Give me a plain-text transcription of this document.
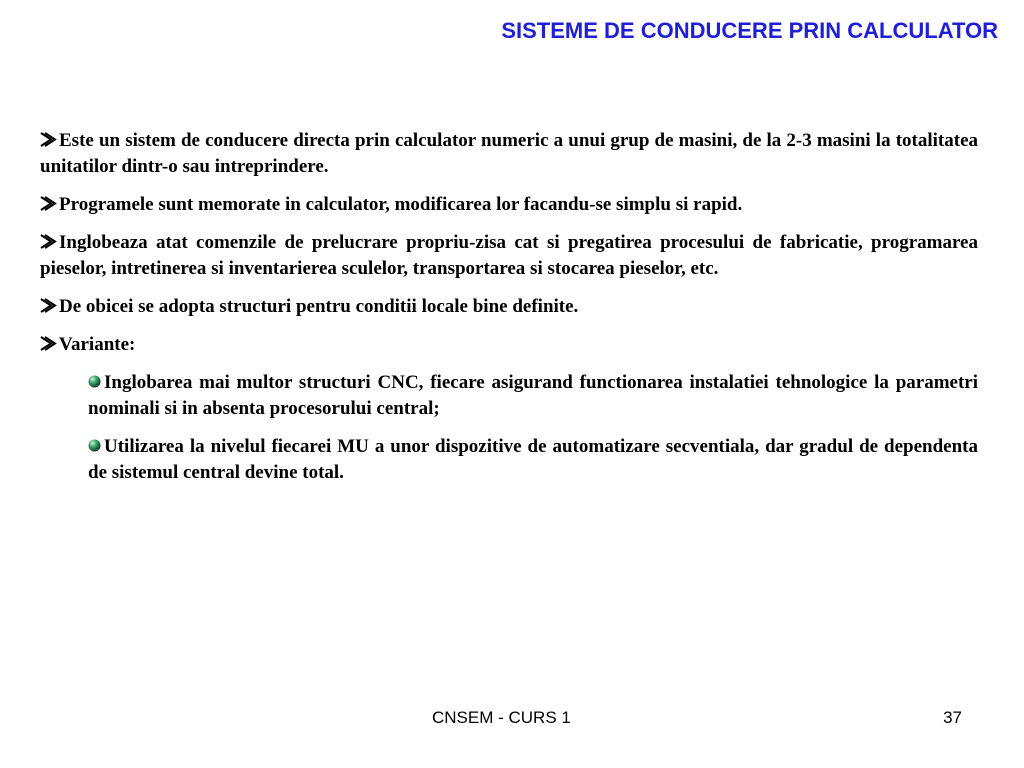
SISTEME DE CONDUCERE PRIN CALCULATOR

Este un sistem de conducere directa prin calculator numeric a unui grup de masini, de la 2-3 masini la totalitatea unitatilor dintr-o sau intreprindere.

Programele sunt memorate in calculator, modificarea lor facandu-se simplu si rapid.

Inglobeaza atat comenzile de prelucrare propriu-zisa cat si pregatirea procesului de fabricatie, programarea pieselor, intretinerea si inventarierea sculelor, transportarea si stocarea pieselor, etc.

De obicei se adopta structuri pentru conditii locale bine definite.

Variante:

Inglobarea mai multor structuri CNC, fiecare asigurand functionarea instalatiei tehnologice la parametri nominali si in absenta procesorului central;

Utilizarea la nivelul fiecarei MU a unor dispozitive de automatizare secventiala, dar gradul de dependenta de sistemul central devine total.

CNSEM - CURS 1	37
